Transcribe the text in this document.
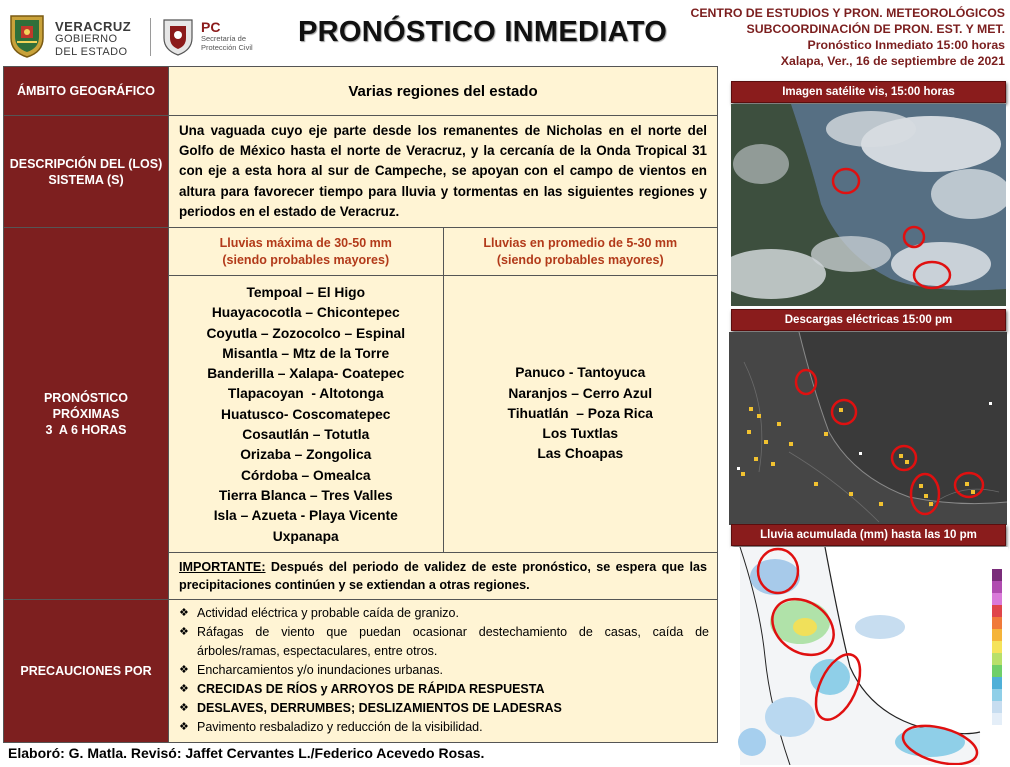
VERACRUZ
GOBIERNO
DEL ESTADO
PC
Secretaría de
Protección Civil PRONÓSTICO INMEDIATO
CENTRO DE ESTUDIOS Y PRON. METEOROLÓGICOS
SUBCOORDINACIÓN DE PRON. EST. Y MET.
Pronóstico Inmediato 15:00 horas
Xalapa, Ver., 16 de septiembre de 2021
ÁMBITO GEOGRÁFICO	Varias regiones del estado
DESCRIPCIÓN DEL (LOS) SISTEMA (S)
Una vaguada cuyo eje parte desde los remanentes de Nicholas en el norte del Golfo de México hasta el norte de Veracruz, y la cercanía de la Onda Tropical 31 con eje a esta hora al sur de Campeche, se apoyan con el campo de vientos en altura para favorecer tiempo para lluvia y tormentas en las siguientes regiones y periodos en el estado de Veracruz.
PRONÓSTICO
PRÓXIMAS
3  A 6 HORAS
Lluvias máxima de 30-50 mm
(siendo probables mayores)
Lluvias en promedio de 5-30 mm
(siendo probables mayores)
Tempoal – El Higo
Huayacocotla – Chicontepec
Coyutla – Zozocolco – Espinal
Misantla – Mtz de la Torre
Banderilla – Xalapa- Coatepec
Tlapacoyan  - Altotonga
Huatusco- Coscomatepec
Cosautlán – Totutla
Orizaba – Zongolica
Córdoba – Omealca
Tierra Blanca – Tres Valles
Isla – Azueta - Playa Vicente
Uxpanapa
Panuco - Tantoyuca
Naranjos – Cerro Azul
Tihuatlán  – Poza Rica
Los Tuxtlas
Las Choapas
IMPORTANTE: Después del periodo de validez de este pronóstico, se espera que las precipitaciones continúen y se extiendan a otras regiones.
PRECAUCIONES POR
❖ Actividad eléctrica y probable caída de granizo.
❖ Ráfagas de viento que puedan ocasionar destechamiento de casas, caída de árboles/ramas, espectaculares, entre otros.
❖ Encharcamientos y/o inundaciones urbanas.
❖ CRECIDAS DE RÍOS y ARROYOS DE RÁPIDA RESPUESTA
❖ DESLAVES, DERRUMBES; DESLIZAMIENTOS DE LADESRAS
❖ Pavimento resbaladizo y reducción de la visibilidad.
Elaboró: G. Matla. Revisó: Jaffet Cervantes L./Federico Acevedo Rosas.
Imagen satélite vis, 15:00 horas
Descargas eléctricas 15:00 pm
Lluvia acumulada (mm) hasta las 10 pm
